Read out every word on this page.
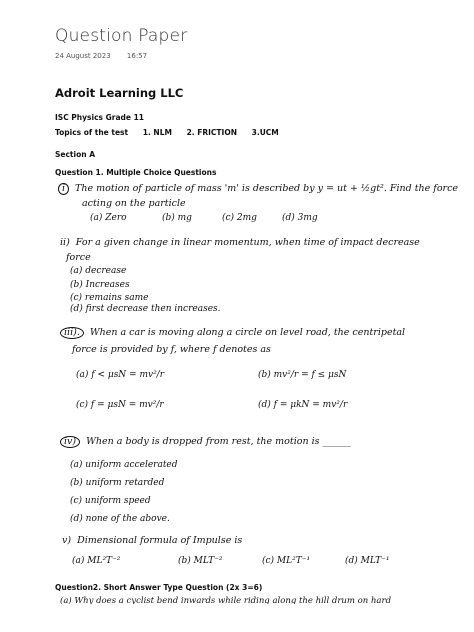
Question Paper
24 August 2023 16:57
Adroit Learning LLC
ISC Physics Grade 11
Topics of the test 1. NLM 2. FRICTION 3.UCM
Section A
Question 1. Multiple Choice Questions
i The motion of particle of mass 'm' is described by y = ut + ½gt². Find the force
acting on the particle
(a) Zero	(b) mg	(c) 2mg	(d) 3mg
ii) For a given change in linear momentum, when time of impact decrease
force
(a) decrease
(b) Increases
(c) remains same
(d) first decrease then increases.
iii). When a car is moving along a circle on level road, the centripetal
force is provided by f, where f denotes as
(a) f < μsN = mv²/r	(b) mv²/r = f ≤ μsN
(c) f = μsN = mv²/r	(d) f = μkN = mv²/r
iv) When a body is dropped from rest, the motion is ______
(a) uniform accelerated
(b) uniform retarded
(c) uniform speed
(d) none of the above.
v) Dimensional formula of Impulse is
(a) ML²T⁻²	(b) MLT⁻²	(c) ML²T⁻¹	(d) MLT⁻¹
Question2. Short Answer Type Question (2x 3=6)
(a) Why does a cyclist bend inwards while riding along the hill drum on hard
